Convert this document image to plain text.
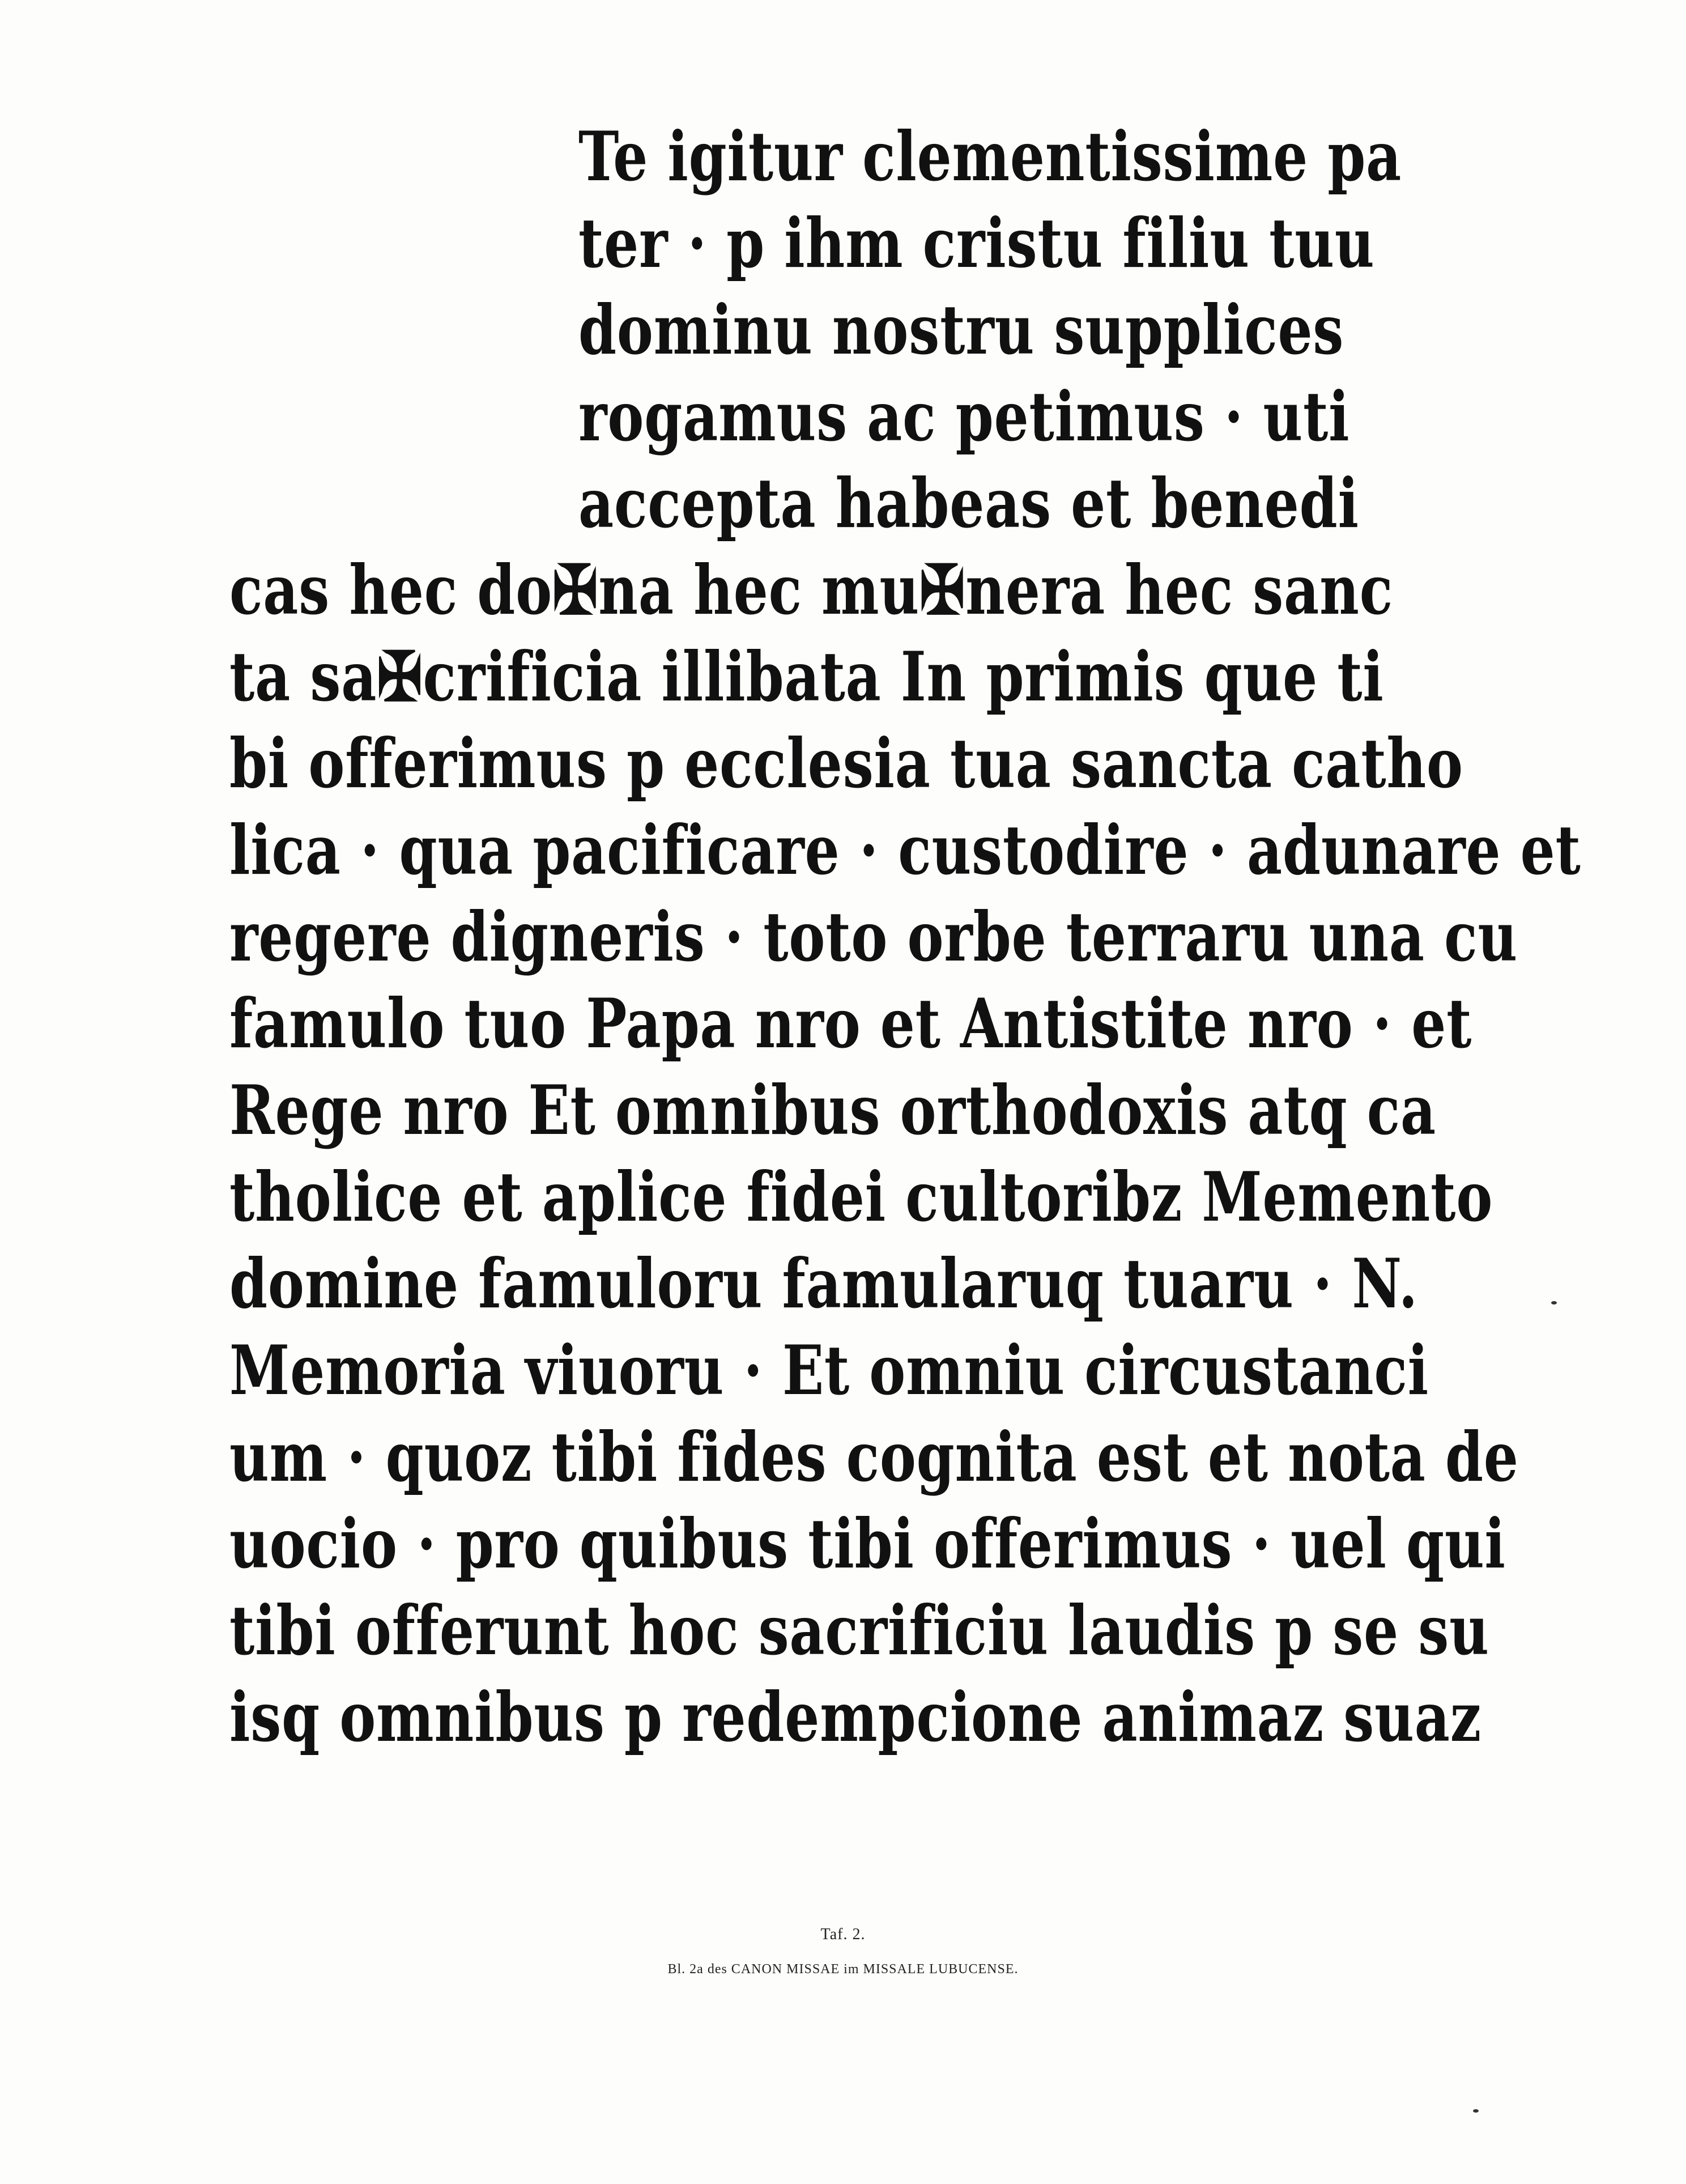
Te igitur clementissime pa
ter · p ihm cristu filiu tuu
dominu nostru supplices
rogamus ac petimus · uti
accepta habeas et benedi
cas hec do✠na hec mu✠nera hec sanc
ta sa✠crificia illibata In primis que ti
bi offerimus p ecclesia tua sancta catho
lica · qua pacificare · custodire · adunare et
regere digneris · toto orbe terraru una cu
famulo tuo Papa nro et Antistite nro · et
Rege nro Et omnibus orthodoxis atq ca
tholice et aplice fidei cultoribz Memento
domine famuloru famularuq tuaru · N.
Memoria viuoru · Et omniu circustanci
um · quoz tibi fides cognita est et nota de
uocio · pro quibus tibi offerimus · uel qui
tibi offerunt hoc sacrificiu laudis p se su
isq omnibus p redempcione animaz suaz
Taf. 2.
Bl. 2a des CANON MISSAE im MISSALE LUBUCENSE.
